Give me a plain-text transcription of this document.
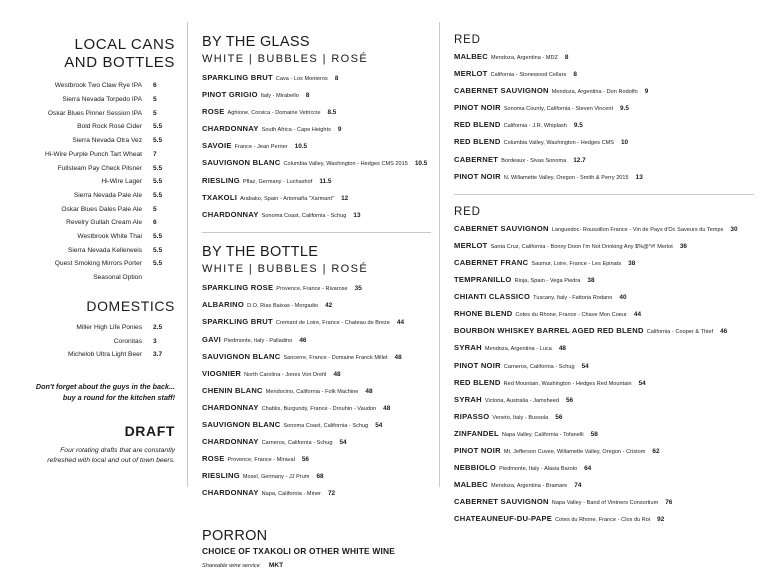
LOCAL CANS
AND BOTTLES
Westbrook Two Claw Rye IPA	6
Sierra Nevada Torpedo IPA	5
Oskar Blues Pinner Session IPA	5
Bold Rock Rosé Cider	5.5
Sierra Nevada Otra Vez	5.5
Hi-Wire Purple Punch Tart Wheat	7
Fullsteam Pay Check Pilsner	5.5
Hi-Wire Lager	5.5
Sierra Nevada Pale Ale	5.5
Oskar Blues Dales Pale Ale	5
Revelry Gullah Cream Ale	6
Westbrook White Thai	5.5
Sierra Nevada Kellerweis	5.5
Quest Smoking Mirrors Porter	5.5
Seasonal Option
DOMESTICS
Miller High Life Ponies	2.5
Coronitas	3
Michelob Ultra Light Beer	3.7

Don't forget about the guys in the back...
buy a round for the kitchen staff!

DRAFT

Four rotating drafts that are constantly
refreshed with local and out of town beers.

BY THE GLASS
WHITE | BUBBLES | ROSÉ
SPARKLING BRUT Cava - Los Monteros 8
PINOT GRIGIO Italy - Mirabello 8
ROSE Aghione, Corsica - Domaine Vetriccie 8.5
CHARDONNAY South Africa - Cape Heights 9
SAVOIE France - Jean Perrier 10.5
SAUVIGNON BLANC Columbia Valley, Washington - Hedges CMS 2015 10.5
RIESLING Pflaz, Germany - Luchashof 11.5
TXAKOLI Arabako, Spain - Artomaña "Xarmant" 12
CHARDONNAY Sonoma Coast, California - Schug 13
BY THE BOTTLE
WHITE | BUBBLES | ROSÉ
SPARKLING ROSE Provence, France - Rivarose 35
ALBARINO D.O. Rias Baixas - Morgadio 42
SPARKLING BRUT Cremant de Loire, France - Chateau de Breze 44
GAVI Piedmonte, Italy - Palladino 46
SAUVIGNON BLANC Sancerre, France - Domaine Franck Millet 48
VIOGNIER North Carolina - Jones Von Drehl 48
CHENIN BLANC Mendocino, California - Folk Machine 48
CHARDONNAY Chablis, Burgundy, France - Drouhin - Vaudon 48
SAUVIGNON BLANC Sonoma Coast, California - Schug 54
CHARDONNAY Carneros, California - Schug 54
ROSE Provence, France - Miraval 56
RIESLING Mosel, Germany - JJ Prum 68
CHARDONNAY Napa, California - Miner 72
PORRON
CHOICE OF TXAKOLI OR OTHER WHITE WINE

Shareable wine service MKT

RED
MALBEC Mendoza, Argentina - MDZ 8
MERLOT California - Stonewood Cellars 8
CABERNET SAUVIGNON Mendoza, Argentina - Don Rodolfo 9
PINOT NOIR Sonoma County, California - Steven Vincent 9.5
RED BLEND California - J.R. Whiplash 9.5
RED BLEND Columbia Valley, Washington - Hedges CMS 10
CABERNET Bordeaux - Sivas Sonoma 12.7
PINOT NOIR N. Willamette Valley, Oregon - Smith & Perry 2015 13
RED
CABERNET SAUVIGNON Languedoc- Roussillon France - Vin de Pays d'Oc Saveurs du Temps 30
MERLOT Santa Cruz, California - Bonny Doon I'm Not Drinking Any $%@*#! Merlot 36
CABERNET FRANC Saumur, Loire, France - Les Epinats 38
TEMPRANILLO Rioja, Spain - Vega Piedra 38
CHIANTI CLASSICO Tuscany, Italy - Fattoria Rodano 40
RHONE BLEND Cotes du Rhone, France - Chave Mon Coeur 44
BOURBON WHISKEY BARREL AGED RED BLEND California - Cooper & Thief 46
SYRAH Mendoza, Argentina - Luca 48
PINOT NOIR Carneros, California - Schug 54
RED BLEND Red Mountain, Washington - Hedges Red Mountain 54
SYRAH Victoria, Australia - Jamsheed 56
RIPASSO Veneto, Italy - Bussola 56
ZINFANDEL Napa Valley, California - Tofanelli 58
PINOT NOIR Mt. Jefferson Cuvee, Willamette Valley, Oregon - Cristom 62
NEBBIOLO Piedmonte, Italy - Alasia Barolo 64
MALBEC Mendoza, Argentina - Bramare 74
CABERNET SAUVIGNON Napa Valley - Band of Vintners Consortium 76
CHATEAUNEUF-DU-PAPE Cotes du Rhone, France - Clos du Roi 92
